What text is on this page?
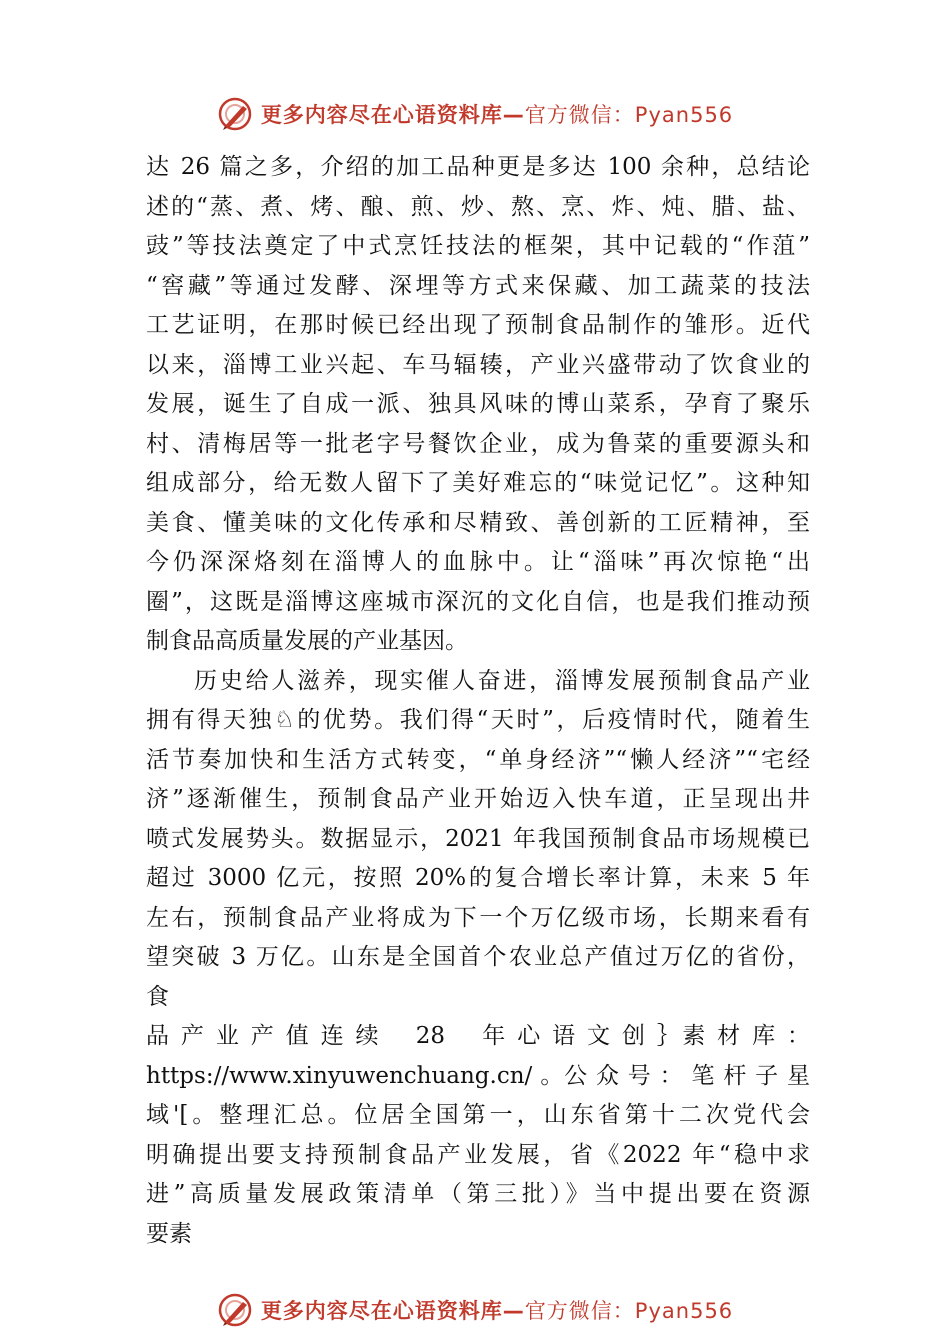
更多内容尽在心语资料库—官方微信：Pyan556
达 26 篇之多，介绍的加工品种更是多达 100 余种，总结论
述的“蒸、煮、烤、酿、煎、炒、熬、烹、炸、炖、腊、盐、
豉”等技法奠定了中式烹饪技法的框架，其中记载的“作菹”
“窖藏”等通过发酵、深埋等方式来保藏、加工蔬菜的技法
工艺证明，在那时候已经出现了预制食品制作的雏形。近代
以来，淄博工业兴起、车马辐辏，产业兴盛带动了饮食业的
发展，诞生了自成一派、独具风味的博山菜系，孕育了聚乐
村、清梅居等一批老字号餐饮企业，成为鲁菜的重要源头和
组成部分，给无数人留下了美好难忘的“味觉记忆”。这种知
美食、懂美味的文化传承和尽精致、善创新的工匠精神，至
今仍深深烙刻在淄博人的血脉中。让“淄味”再次惊艳“出
圈”，这既是淄博这座城市深沉的文化自信，也是我们推动预
制食品高质量发展的产业基因。
历史给人滋养，现实催人奋进，淄博发展预制食品产业
拥有得天独♘的优势。我们得“天时”，后疫情时代，随着生
活节奏加快和生活方式转变，“单身经济”“懒人经济”“宅经
济”逐渐催生，预制食品产业开始迈入快车道，正呈现出井
喷式发展势头。数据显示，2021 年我国预制食品市场规模已
超过 3000 亿元，按照 20%的复合增长率计算，未来 5 年
左右，预制食品产业将成为下一个万亿级市场，长期来看有
望突破 3 万亿。山东是全国首个农业总产值过万亿的省份，
食
品 产 业 产 值 连 续　 28　 年 心 语 文 创 ｝素 材 库 ：
https://www.xinyuwenchuang.cn/ 。公 众 号 ： 笔 杆 子 星
域'[。整理汇总。位居全国第一，山东省第十二次党代会
明确提出要支持预制食品产业发展，省《2022 年“稳中求
进”高质量发展政策清单（第三批）》当中提出要在资源
要素
更多内容尽在心语资料库—官方微信：Pyan556
